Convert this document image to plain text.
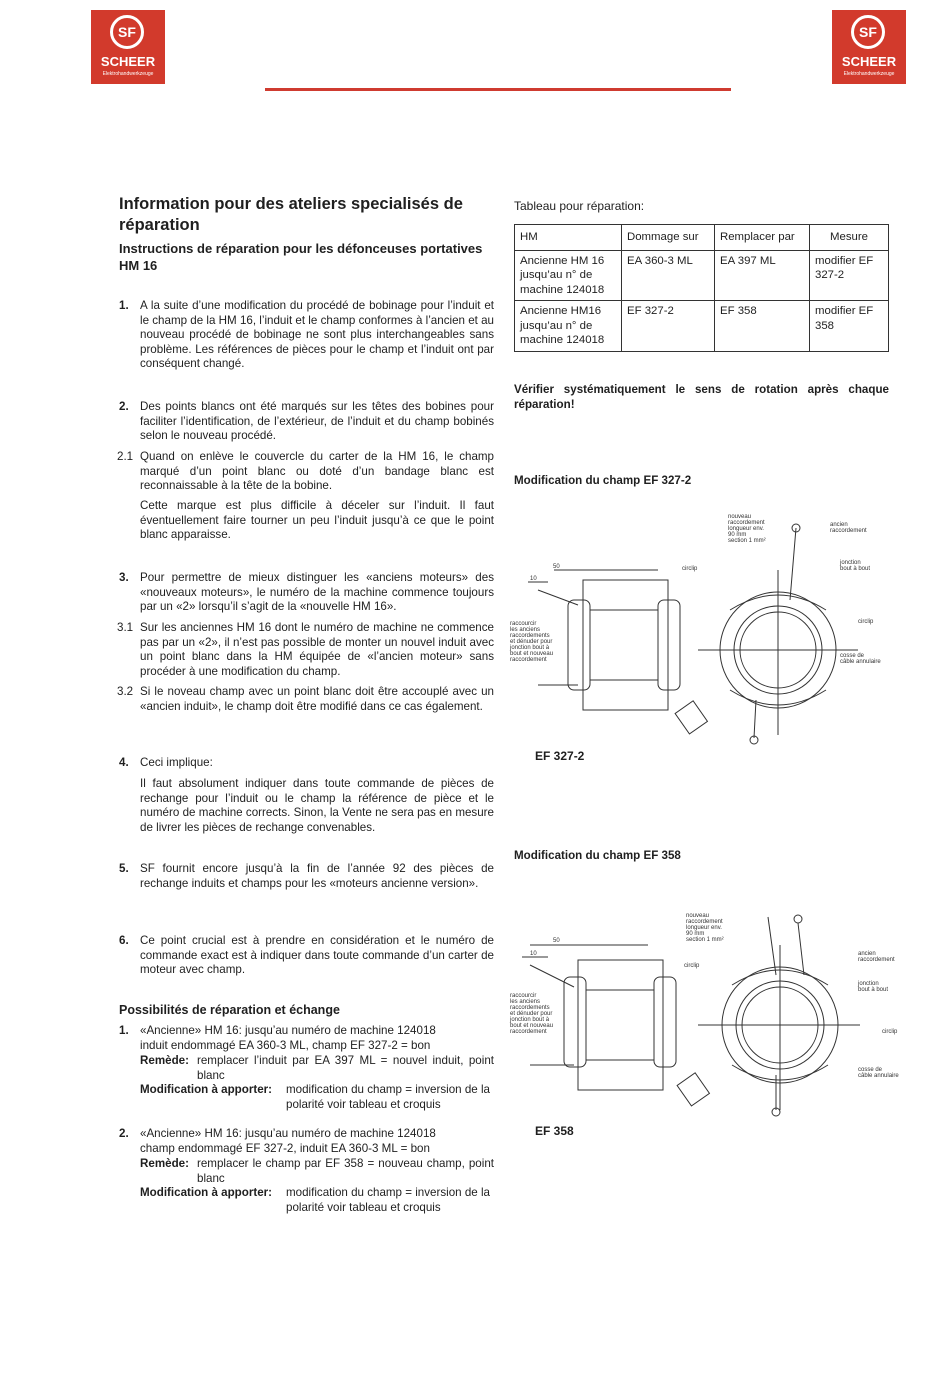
SF
SCHEER
Elektrohandwerkzeuge
SF
SCHEER
Elektrohandwerkzeuge
Information pour des ateliers specialisés de réparation
Instructions de réparation pour les défonceuses portatives HM 16
1. A la suite d’une modification du procédé de bobinage pour l’induit et le champ de la HM 16, l’induit et le champ conformes à l’ancien et au nouveau procédé de bobinage ne sont plus interchangeables sans problème. Les références de pièces pour le champ et l’induit ont par conséquent changé.
2. Des points blancs ont été marqués sur les têtes des bobines pour faciliter l’identification, de l’extérieur, de l’induit et du champ bobinés selon le nouveau procédé.
2.1 Quand on enlève le couvercle du carter de la HM 16, le champ marqué d’un point blanc ou doté d’un bandage blanc est reconnaissable à la tête de la bobine.
Cette marque est plus difficile à déceler sur l’induit. Il faut éventuellement faire tourner un peu l’induit jusqu’à ce que le point blanc apparaisse.
3. Pour permettre de mieux distinguer les «anciens moteurs» des «nouveaux moteurs», le numéro de la machine commence toujours par un «2» lorsqu’il s’agit de la «nouvelle HM 16».
3.1 Sur les anciennes HM 16 dont le numéro de machine ne commence pas par un «2», il n’est pas possible de monter un nouvel induit avec un point blanc dans la HM équipée de «l’ancien moteur» sans procéder à une modification du champ.
3.2 Si le noveau champ avec un point blanc doit être accouplé avec un «ancien induit», le champ doit être modifié dans ce cas également.
4. Ceci implique:
Il faut absolument indiquer dans toute commande de pièces de rechange pour l’induit ou le champ la référence de pièce et le numéro de machine corrects. Sinon, la Vente ne sera pas en mesure de livrer les pièces de rechange convenables.
5. SF fournit encore jusqu’à la fin de l’année 92 des pièces de rechange induits et champs pour les «moteurs ancienne version».
6. Ce point crucial est à prendre en considération et le numéro de commande exact est à indiquer dans toute commande d’un carter de moteur avec champ.
Possibilités de réparation et échange
1. «Ancienne» HM 16: jusqu’au numéro de machine 124018
induit endommagé EA 360-3 ML, champ EF 327-2 = bon
Remède: remplacer l’induit par EA 397 ML = nouvel induit, point blanc
Modification à apporter: modification du champ = inversion de la polarité voir tableau et croquis
2. «Ancienne» HM 16: jusqu’au numéro de machine 124018
champ endommagé EF 327-2, induit EA 360-3 ML = bon
Remède: remplacer le champ par EF 358 = nouveau champ, point blanc
Modification à apporter: modification du champ = inversion de la polarité voir tableau et croquis
Tableau pour réparation:
HM	Dommage sur	Remplacer par	Mesure
Ancienne HM 16 jusqu’au n° de machine 124018	EA 360-3 ML	EA 397 ML	modifier EF 327-2
Ancienne HM16 jusqu’au n° de machine 124018	EF 327-2	EF 358	modifier EF 358
Vérifier systématiquement le sens de rotation après chaque réparation!
Modification du champ EF 327-2
50
10
circlip
circlip
nouveau
raccordement
longueur env.
90 mm
section 1 mm²
ancien
raccordement
jonction
bout à bout
cosse de
câble annulaire
raccourcir
les anciens
raccordements
et dénuder pour
jonction bout à
bout et nouveau
raccordement
EF 327-2
Modification du champ EF 358
50
10
circlip
circlip
nouveau
raccordement
longueur env.
90 mm
section 1 mm²
ancien
raccordement
jonction
bout à bout
cosse de
câble annulaire
raccourcir
les anciens
raccordements
et dénuder pour
jonction bout à
bout et nouveau
raccordement
EF 358
